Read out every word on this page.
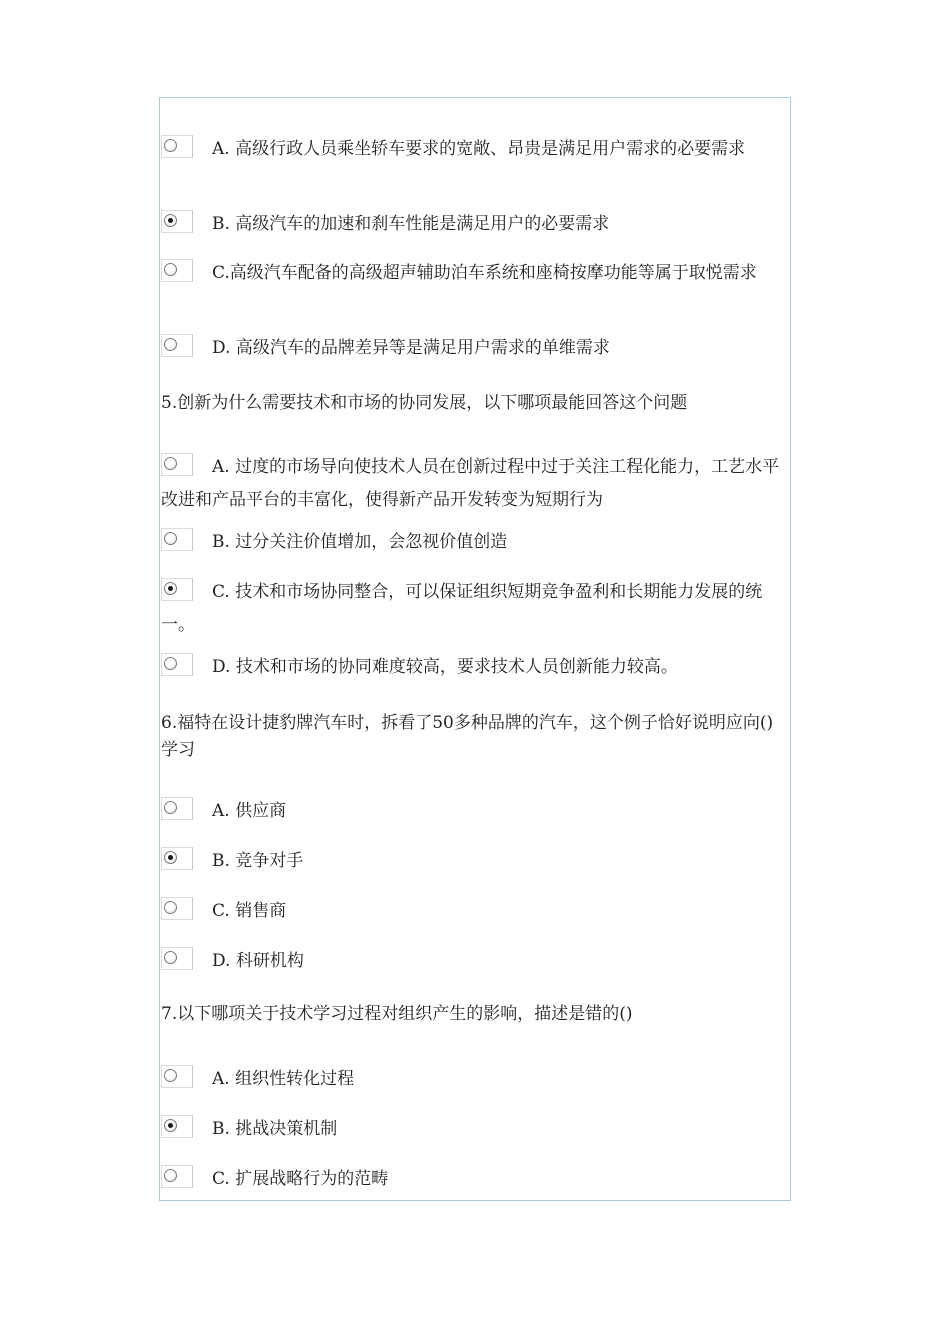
A. 高级行政人员乘坐轿车要求的宽敞、昂贵是满足用户需求的必要需求
B. 高级汽车的加速和刹车性能是满足用户的必要需求
C.高级汽车配备的高级超声辅助泊车系统和座椅按摩功能等属于取悦需求
D. 高级汽车的品牌差异等是满足用户需求的单维需求
5.创新为什么需要技术和市场的协同发展，以下哪项最能回答这个问题
A. 过度的市场导向使技术人员在创新过程中过于关注工程化能力，工艺水平改进和产品平台的丰富化，使得新产品开发转变为短期行为
B. 过分关注价值增加，会忽视价值创造
C. 技术和市场协同整合，可以保证组织短期竞争盈利和长期能力发展的统一。
D. 技术和市场的协同难度较高，要求技术人员创新能力较高。
6.福特在设计捷豹牌汽车时，拆看了50多种品牌的汽车，这个例子恰好说明应向()学习
A. 供应商
B. 竞争对手
C. 销售商
D. 科研机构
7.以下哪项关于技术学习过程对组织产生的影响，描述是错的()
A. 组织性转化过程
B. 挑战决策机制
C. 扩展战略行为的范畴
